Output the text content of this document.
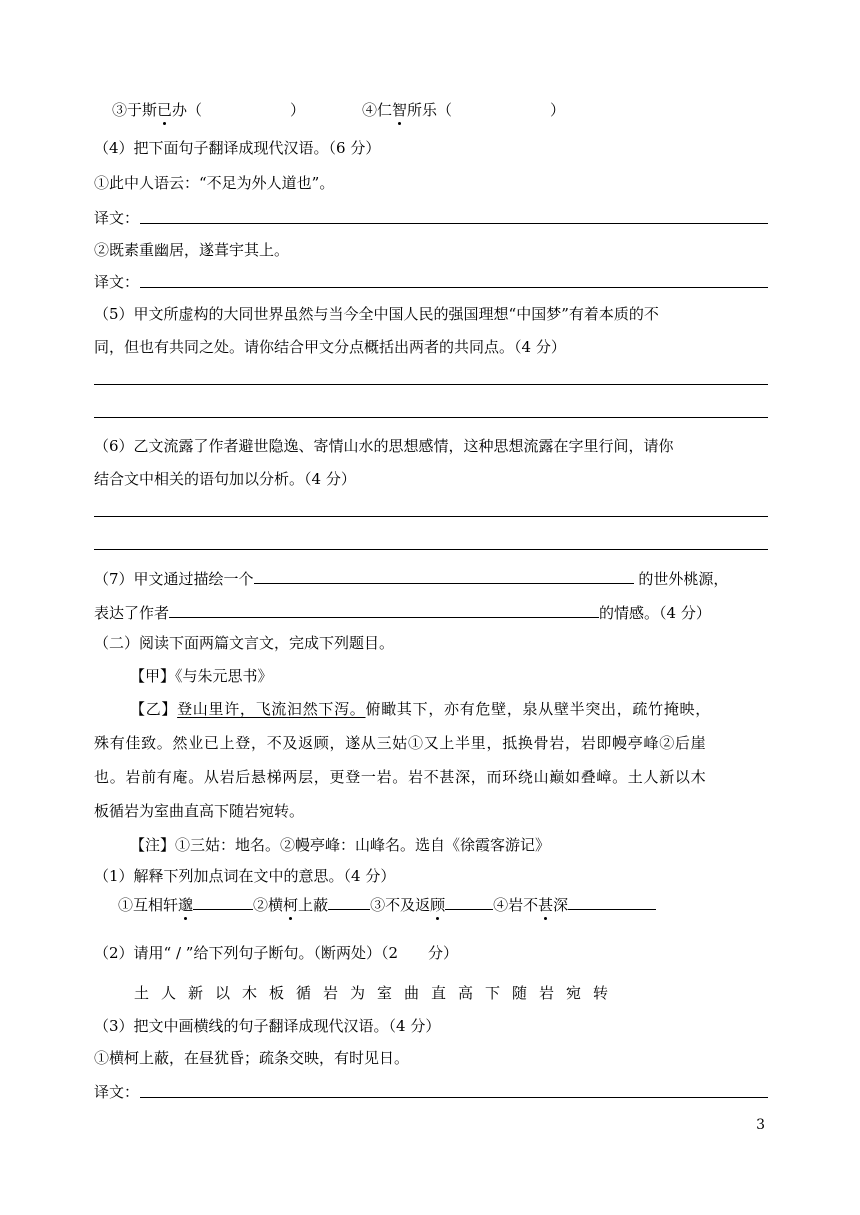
③于斯已办（	）	④仁智所乐（	）
（4）把下面句子翻译成现代汉语。（6 分）
①此中人语云：“不足为外人道也”。
译文：
②既素重幽居，遂葺宇其上。
译文：
（5）甲文所虚构的大同世界虽然与当今全中国人民的强国理想“中国梦”有着本质的不
同，但也有共同之处。请你结合甲文分点概括出两者的共同点。（4 分）
（6）乙文流露了作者避世隐逸、寄情山水的思想感情，这种思想流露在字里行间，请你
结合文中相关的语句加以分析。（4 分）
（7）甲文通过描绘一个	的世外桃源，
表达了作者	的情感。（4 分）
（二）阅读下面两篇文言文，完成下列题目。
【甲】《与朱元思书》
【乙】登山里许，飞流汩然下泻。俯瞰其下，亦有危壁，泉从壁半突出，疏竹掩映，
殊有佳致。然业已上登，不及返顾，遂从三姑①又上半里，抵换骨岩，岩即幔亭峰②后崖
也。岩前有庵。从岩后悬梯两层，更登一岩。岩不甚深，而环绕山巅如叠嶂。土人新以木
板循岩为室曲直高下随岩宛转。
【注】①三姑：地名。②幔亭峰：山峰名。选自《徐霞客游记》
（1）解释下列加点词在文中的意思。（4 分）
①互相轩邈	②横柯上蔽	③不及返顾	④岩不甚深
（2）请用“ / ”给下列句子断句。（断两处）（2　　分）
土人新以木板循岩为室曲直高下随岩宛转
（3）把文中画横线的句子翻译成现代汉语。（4 分）
①横柯上蔽，在昼犹昏；疏条交映，有时见日。
译文：
3
